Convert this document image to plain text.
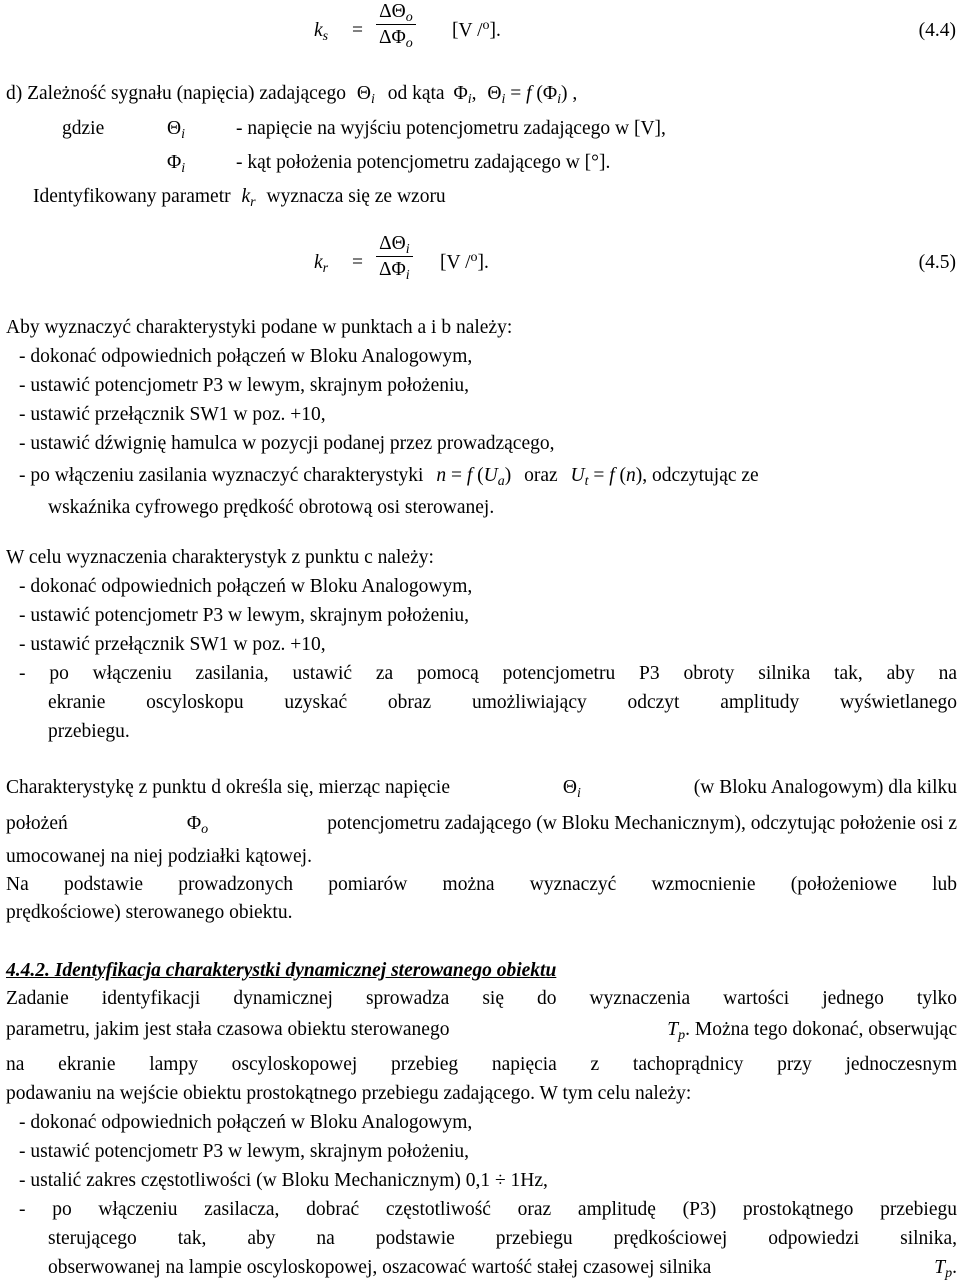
$k_s$ =
$\Delta\Theta_o$
$\Delta\Phi_o$
[V /$^o$].	(4.4)
d) Zależność sygnału (napięcia) zadającego $\Theta_i$ od kąta $\Phi_i$, $\Theta_i = f$ $(\Phi_i)$ ,
gdzie	$\Theta_i$	- napięcie na wyjściu potencjometru zadającego w [V],
$\Phi_i$	- kąt położenia potencjometru zadającego w [°].
Identyfikowany parametr $k_r$ wyznacza się ze wzoru
$k_r$ =
$\Delta\Theta_i$
$\Delta\Phi_i$
[V /$^o$].	(4.5)
Aby wyznaczyć charakterystyki podane w punktach a i b należy:
- dokonać odpowiednich połączeń w Bloku Analogowym,
- ustawić potencjometr P3 w lewym, skrajnym położeniu,
- ustawić przełącznik SW1 w poz. +10,
- ustawić dźwignię hamulca w pozycji podanej przez prowadzącego,
- po włączeniu zasilania wyznaczyć charakterystyki n = f $(U_a)$ oraz $U_t = f$ (n), odczytując ze
wskaźnika cyfrowego prędkość obrotową osi sterowanej.
W celu wyznaczenia charakterystyk z punktu c należy:
- dokonać odpowiednich połączeń w Bloku Analogowym,
- ustawić potencjometr P3 w lewym, skrajnym położeniu,
- ustawić przełącznik SW1 w poz. +10,
- po włączeniu zasilania, ustawić za pomocą potencjometru P3 obroty silnika tak, aby na
ekranie oscyloskopu uzyskać obraz umożliwiający odczyt amplitudy wyświetlanego
przebiegu.
Charakterystykę z punktu d określa się, mierząc napięcie	$\Theta_i$	(w Bloku Analogowym) dla kilku
położeń	$\Phi_o$	potencjometru zadającego (w Bloku Mechanicznym), odczytując położenie osi z
umocowanej na niej podziałki kątowej.
Na podstawie prowadzonych pomiarów można wyznaczyć wzmocnienie (położeniowe lub
prędkościowe) sterowanego obiektu.
4.4.2. Identyfikacja charakterystki dynamicznej sterowanego obiektu
Zadanie identyfikacji dynamicznej sprowadza się do wyznaczenia wartości jednego tylko
parametru, jakim jest stała czasowa obiektu sterowanego	$T_p$. Można tego dokonać, obserwując
na ekranie lampy oscyloskopowej przebieg napięcia z tachoprądnicy przy jednoczesnym
podawaniu na wejście obiektu prostokątnego przebiegu zadającego. W tym celu należy:
- dokonać odpowiednich połączeń w Bloku Analogowym,
- ustawić potencjometr P3 w lewym, skrajnym położeniu,
- ustalić zakres częstotliwości (w Bloku Mechanicznym) 0,1 ÷ 1Hz,
- po włączeniu zasilacza, dobrać częstotliwość oraz amplitudę (P3) prostokątnego przebiegu
sterującego tak, aby na podstawie przebiegu prędkościowej odpowiedzi silnika,
obserwowanej na lampie oscyloskopowej, oszacować wartość stałej czasowej silnika	$T_p$.
